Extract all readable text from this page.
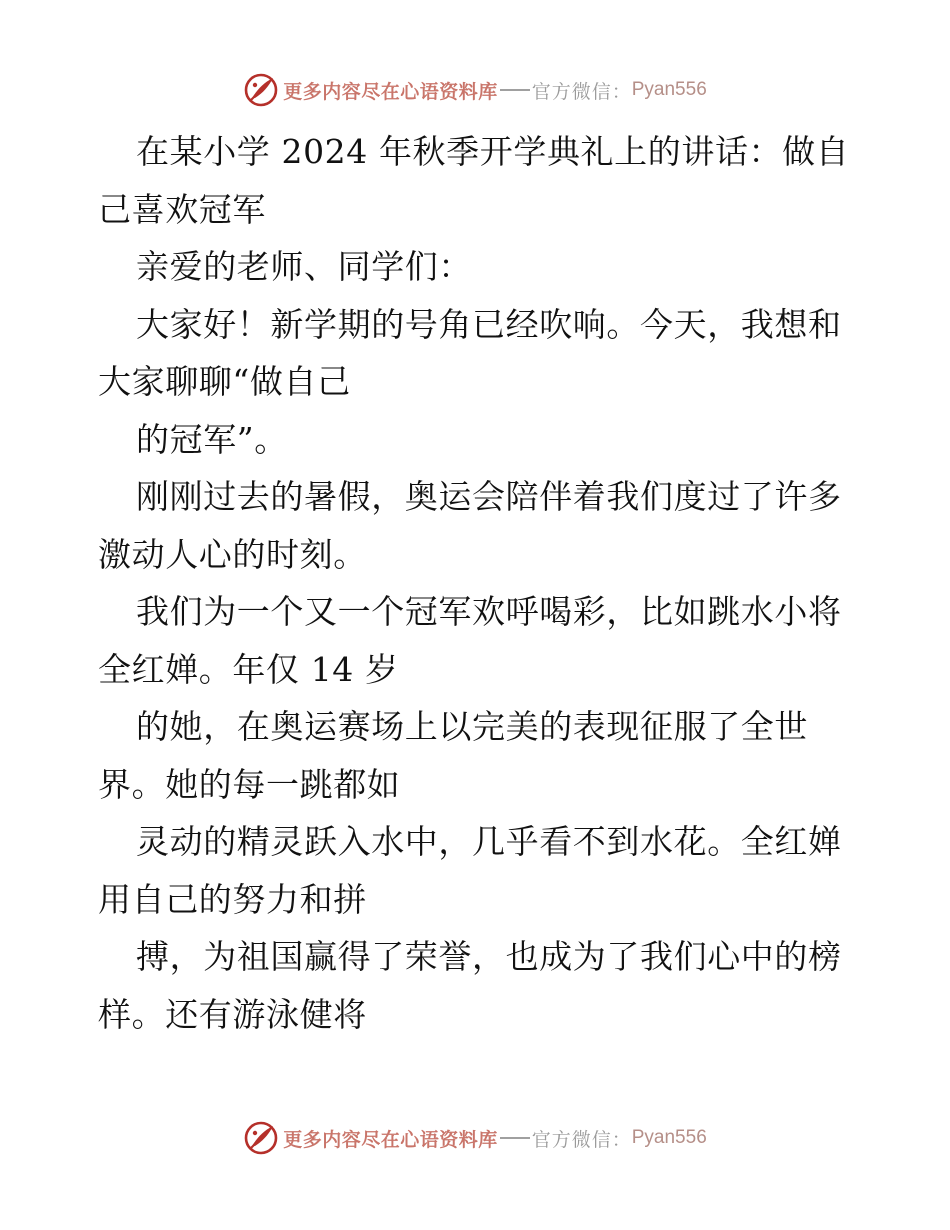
更多内容尽在心语资料库 官方微信： Pyan556
在某小学 2024 年秋季开学典礼上的讲话：做自
己喜欢冠军
亲爱的老师、同学们：
大家好！新学期的号角已经吹响。今天，我想和
大家聊聊“做自己
的冠军”。
刚刚过去的暑假，奥运会陪伴着我们度过了许多
激动人心的时刻。
我们为一个又一个冠军欢呼喝彩，比如跳水小将
全红婵。年仅 14 岁
的她，在奥运赛场上以完美的表现征服了全世
界。她的每一跳都如
灵动的精灵跃入水中，几乎看不到水花。全红婵
用自己的努力和拼
搏，为祖国赢得了荣誉，也成为了我们心中的榜
样。还有游泳健将
更多内容尽在心语资料库 官方微信： Pyan556
